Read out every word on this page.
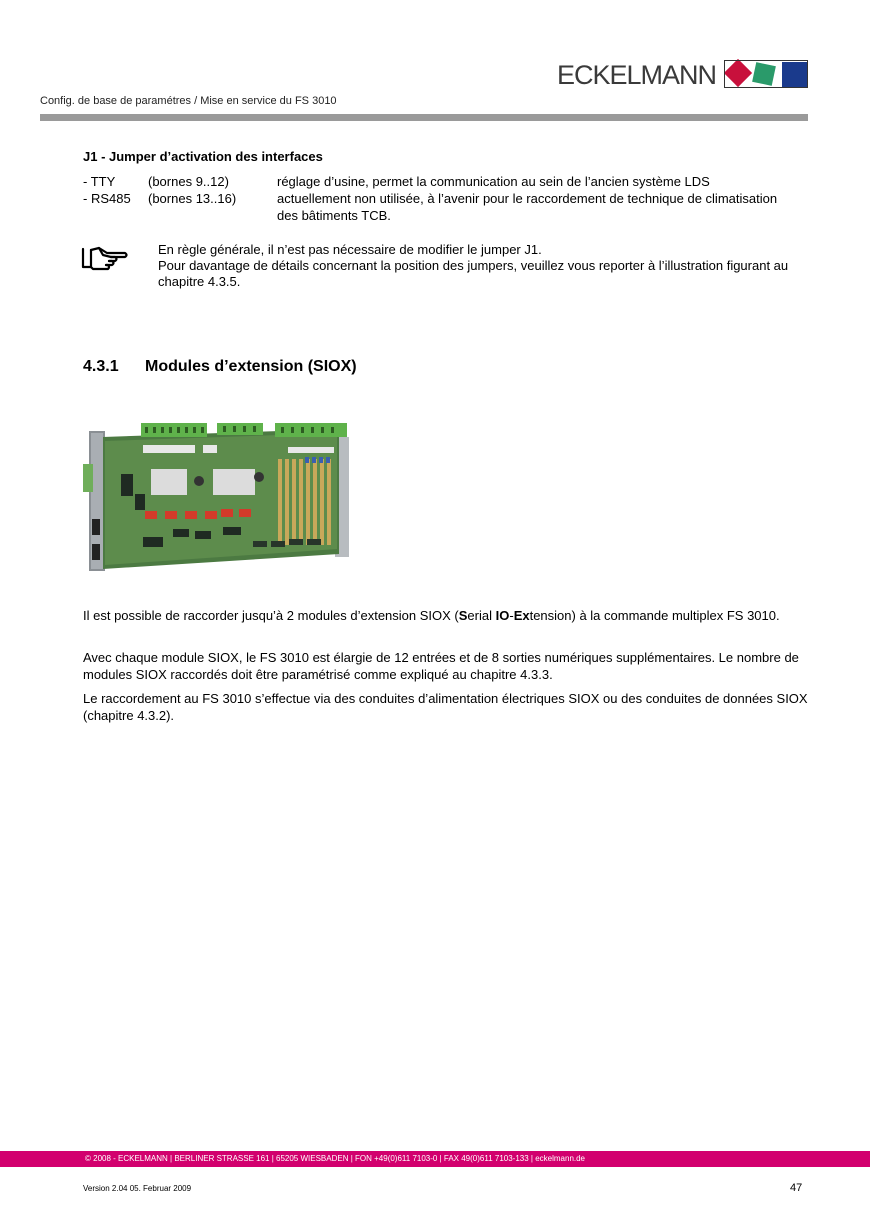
ECKELMANN
Config. de base de paramétres / Mise en service du FS 3010
J1 - Jumper d’activation des interfaces
- TTY	(bornes 9..12)	réglage d’usine, permet la communication au sein de l’ancien système LDS
- RS485 (bornes 13..16)	actuellement non utilisée, à l’avenir pour le raccordement de technique de climatisation des bâtiments TCB.
En règle générale, il n’est pas nécessaire de modifier le jumper J1.
Pour davantage de détails concernant la position des jumpers, veuillez vous reporter à l’illustration figurant au chapitre 4.3.5.
4.3.1 Modules d’extension (SIOX)
Il est possible de raccorder jusqu’à 2 modules d’extension SIOX (Serial IO-Extension) à la commande multiplex FS 3010.
Avec chaque module SIOX, le FS 3010 est élargie de 12 entrées et de 8 sorties numériques supplémentaires. Le nombre de modules SIOX raccordés doit être paramétrisé comme expliqué au chapitre 4.3.3.
Le raccordement au FS 3010 s’effectue via des conduites d’alimentation électriques SIOX ou des conduites de données SIOX (chapitre 4.3.2).
© 2008 - ECKELMANN | BERLINER STRASSE 161 | 65205 WIESBADEN | FON +49(0)611 7103-0 | FAX 49(0)611 7103-133 | eckelmann.de
Version 2.04 05. Februar 2009	47
